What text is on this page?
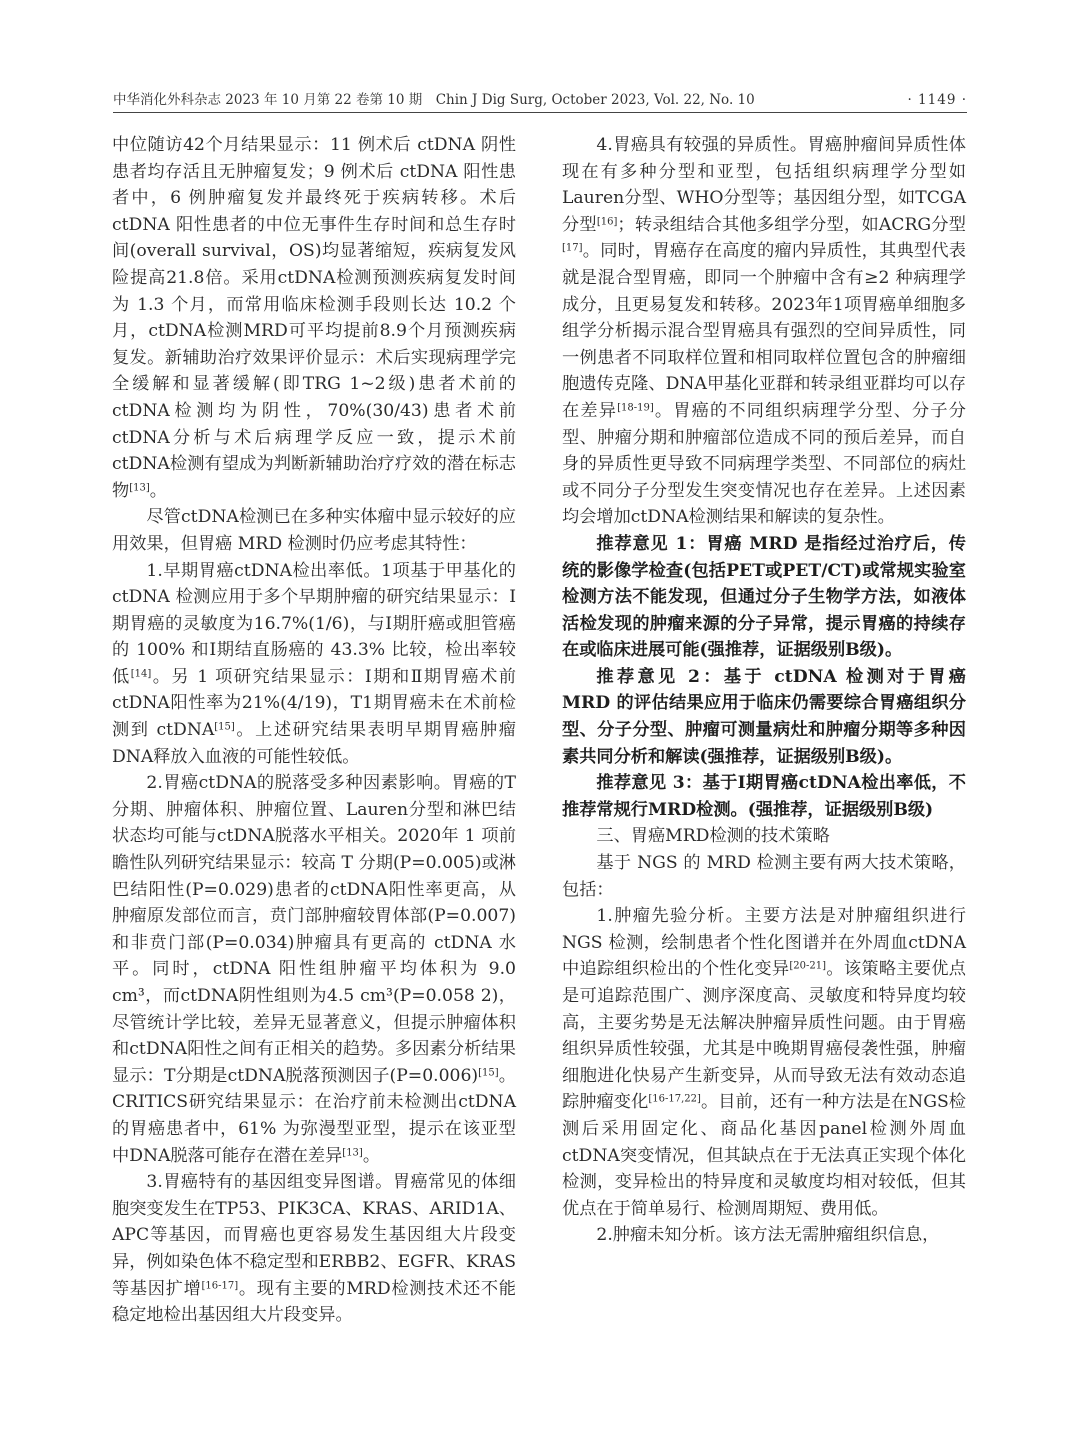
中华消化外科杂志 2023 年 10 月第 22 卷第 10 期　Chin J Dig Surg, October 2023, Vol. 22, No. 10	· 1149 ·

中位随访42个月结果显示：11 例术后 ctDNA 阴性患者均存活且无肿瘤复发；9 例术后 ctDNA 阳性患者中，6 例肿瘤复发并最终死于疾病转移。术后 ctDNA 阳性患者的中位无事件生存时间和总生存时间(overall survival，OS)均显著缩短，疾病复发风险提高21.8倍。采用ctDNA检测预测疾病复发时间为 1.3 个月，而常用临床检测手段则长达 10.2 个月，ctDNA检测MRD可平均提前8.9个月预测疾病复发。新辅助治疗效果评价显示：术后实现病理学完全缓解和显著缓解(即TRG 1~2级)患者术前的ctDNA检测均为阴性，70%(30/43)患者术前ctDNA分析与术后病理学反应一致，提示术前ctDNA检测有望成为判断新辅助治疗疗效的潜在标志物[13]。

尽管ctDNA检测已在多种实体瘤中显示较好的应用效果，但胃癌 MRD 检测时仍应考虑其特性：

1.早期胃癌ctDNA检出率低。1项基于甲基化的 ctDNA 检测应用于多个早期肿瘤的研究结果显示：Ⅰ期胃癌的灵敏度为16.7%(1/6)，与Ⅰ期肝癌或胆管癌的 100% 和Ⅰ期结直肠癌的 43.3% 比较，检出率较低[14]。另 1 项研究结果显示：Ⅰ期和Ⅱ期胃癌术前ctDNA阳性率为21%(4/19)，T1期胃癌未在术前检测到 ctDNA[15]。上述研究结果表明早期胃癌肿瘤DNA释放入血液的可能性较低。

2.胃癌ctDNA的脱落受多种因素影响。胃癌的T分期、肿瘤体积、肿瘤位置、Lauren分型和淋巴结状态均可能与ctDNA脱落水平相关。2020年 1 项前瞻性队列研究结果显示：较高 T 分期(P=0.005)或淋巴结阳性(P=0.029)患者的ctDNA阳性率更高，从肿瘤原发部位而言，贲门部肿瘤较胃体部(P=0.007)和非贲门部(P=0.034)肿瘤具有更高的 ctDNA 水平。同时，ctDNA 阳性组肿瘤平均体积为 9.0 cm³，而ctDNA阴性组则为4.5 cm³(P=0.058 2)，尽管统计学比较，差异无显著意义，但提示肿瘤体积和ctDNA阳性之间有正相关的趋势。多因素分析结果显示：T分期是ctDNA脱落预测因子(P=0.006)[15]。CRITICS研究结果显示：在治疗前未检测出ctDNA的胃癌患者中，61% 为弥漫型亚型，提示在该亚型中DNA脱落可能存在潜在差异[13]。

3.胃癌特有的基因组变异图谱。胃癌常见的体细胞突变发生在TP53、PIK3CA、KRAS、ARID1A、APC等基因，而胃癌也更容易发生基因组大片段变异，例如染色体不稳定型和ERBB2、EGFR、KRAS等基因扩增[16-17]。现有主要的MRD检测技术还不能稳定地检出基因组大片段变异。

4.胃癌具有较强的异质性。胃癌肿瘤间异质性体现在有多种分型和亚型，包括组织病理学分型如Lauren分型、WHO分型等；基因组分型，如TCGA分型[16]；转录组结合其他多组学分型，如ACRG分型[17]。同时，胃癌存在高度的瘤内异质性，其典型代表就是混合型胃癌，即同一个肿瘤中含有≥2 种病理学成分，且更易复发和转移。2023年1项胃癌单细胞多组学分析揭示混合型胃癌具有强烈的空间异质性，同一例患者不同取样位置和相同取样位置包含的肿瘤细胞遗传克隆、DNA甲基化亚群和转录组亚群均可以存在差异[18-19]。胃癌的不同组织病理学分型、分子分型、肿瘤分期和肿瘤部位造成不同的预后差异，而自身的异质性更导致不同病理学类型、不同部位的病灶或不同分子分型发生突变情况也存在差异。上述因素均会增加ctDNA检测结果和解读的复杂性。

推荐意见 1：胃癌 MRD 是指经过治疗后，传统的影像学检查(包括PET或PET/CT)或常规实验室检测方法不能发现，但通过分子生物学方法，如液体活检发现的肿瘤来源的分子异常，提示胃癌的持续存在或临床进展可能(强推荐，证据级别B级)。

推荐意见 2：基于 ctDNA 检测对于胃癌 MRD 的评估结果应用于临床仍需要综合胃癌组织分型、分子分型、肿瘤可测量病灶和肿瘤分期等多种因素共同分析和解读(强推荐，证据级别B级)。

推荐意见 3：基于Ⅰ期胃癌ctDNA检出率低，不推荐常规行MRD检测。(强推荐，证据级别B级)

三、胃癌MRD检测的技术策略

基于 NGS 的 MRD 检测主要有两大技术策略，包括：

1.肿瘤先验分析。主要方法是对肿瘤组织进行 NGS 检测，绘制患者个性化图谱并在外周血ctDNA中追踪组织检出的个性化变异[20-21]。该策略主要优点是可追踪范围广、测序深度高、灵敏度和特异度均较高，主要劣势是无法解决肿瘤异质性问题。由于胃癌组织异质性较强，尤其是中晚期胃癌侵袭性强，肿瘤细胞进化快易产生新变异，从而导致无法有效动态追踪肿瘤变化[16-17,22]。目前，还有一种方法是在NGS检测后采用固定化、商品化基因panel检测外周血ctDNA突变情况，但其缺点在于无法真正实现个体化检测，变异检出的特异度和灵敏度均相对较低，但其优点在于简单易行、检测周期短、费用低。

2.肿瘤未知分析。该方法无需肿瘤组织信息，
